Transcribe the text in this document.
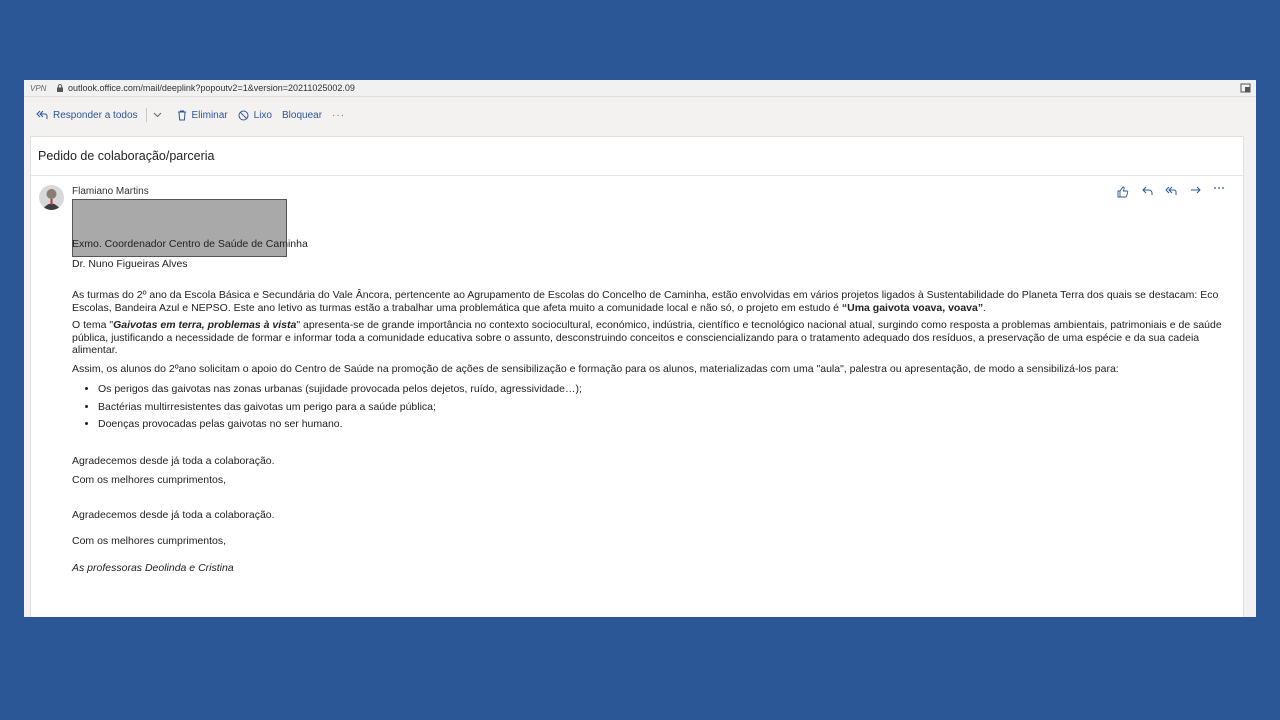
VPN outlook.office.com/mail/deeplink?popoutv2=1&version=20211025002.09
Responder a todos	Eliminar	Lixo Bloquear ···
Pedido de colaboração/parceria
Flamiano Martins

Exmo. Coordenador Centro de Saúde de Caminha

Dr. Nuno Figueiras Alves

As turmas do 2º ano da Escola Básica e Secundária do Vale Âncora, pertencente ao Agrupamento de Escolas do Concelho de Caminha, estão envolvidas em vários projetos ligados à Sustentabilidade do Planeta Terra dos quais se destacam: Eco Escolas, Bandeira Azul e NEPSO. Este ano letivo as turmas estão a trabalhar uma problemática que afeta muito a comunidade local e não só, o projeto em estudo é “Uma gaivota voava, voava”.

O tema "Gaivotas em terra, problemas à vista" apresenta-se de grande importância no contexto sociocultural, económico, indústria, científico e tecnológico nacional atual, surgindo como resposta a problemas ambientais, patrimoniais e de saúde pública, justificando a necessidade de formar e informar toda a comunidade educativa sobre o assunto, desconstruindo conceitos e consciencializando para o tratamento adequado dos resíduos, a preservação de uma espécie e da sua cadeia alimentar.

Assim, os alunos do 2ºano solicitam o apoio do Centro de Saúde na promoção de ações de sensibilização e formação para os alunos, materializadas com uma "aula", palestra ou apresentação, de modo a sensibilizá-los para:

• Os perigos das gaivotas nas zonas urbanas (sujidade provocada pelos dejetos, ruído, agressividade…);
• Bactérias multirresistentes das gaivotas um perigo para a saúde pública;
• Doenças provocadas pelas gaivotas no ser humano.

Agradecemos desde já toda a colaboração.

Com os melhores cumprimentos,

Agradecemos desde já toda a colaboração.

Com os melhores cumprimentos,

As professoras Deolinda e Cristina
